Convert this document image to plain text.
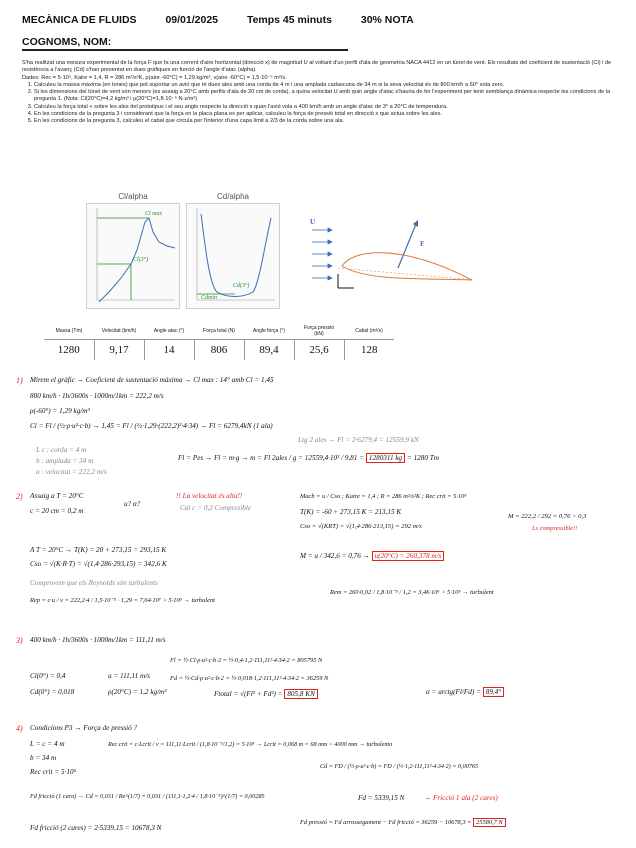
MECÀNICA DE FLUIDS	09/01/2025	Temps 45 minuts	30% NOTA
COGNOMS, NOM:

S'ha realitzat una mesura experimental de la força F que fa una corrent d'aire horitzontal (direcció x) de magnitud U al voltant d'un perfil d'ala de geometria NACA 4412 en un túnel de vent. Els resultats del coeficient de sustentació (Cl) i de resistència a l'avanç (Cd) s'han presentat en dues gràfiques en funció de l'angle d'atac (alpha).

Dades: Rec = 5·10⁵, Kaire = 1,4, R = 286 m²/s²K, ρ(aire -60°C) = 1,29 kg/m³, ν(aire -60°C) = 1,5·10⁻⁵ m²/s.

1. Calculeu la massa màxima (en tones) que pot suportar un avió que té dues ales amb una corda de 4 m i una amplada cadascuna de 34 m si la seva velocitat és de 800 km/h a 60° sota zero.
2. Si les dimensions del túnel de vent són menors (es assaig a 20°C amb perfils d'ala de 20 cm de corda), a quina velocitat U amb quin angle d'atac s'hauria de fer l'experiment per tenir semblança dinàmica respecte les condicions de la pregunta 1. (Nota: Cl(20°C)=4,2 kg/m³ i μ(20°C)=1,8·10⁻⁵ N·s/m²)
3. Calculeu la força total + sobre les ales del prototipus i el seu angle respecte la direcció x quan l'avió vola a 400 km/h amb un angle d'atac de 3° a 20°C de temperatura.
4. En les condicions de la pregunta 3 i considerant que la força en la placa plana es per aplicar, calculeu la força de pressió total en direcció x que actua sobre les ales.
5. En les condicions de la pregunta 3, calculeu el cabal que circula per l'interior d'una capa límit a 2/3 de la corda sobre una ala.
Cl/alpha
Cl max
Cl(3°)
Cd/alpha
Cd(3°)
Cdmin
U
F
Massa (Tm)	Velocitat (km/h)	Angle atac (°)	Força total (N)	Angle força (°)	Força pressió (kN)	Cabal (m³/s)
1280	9,17	14	806	89,4	25,6	128
1) Mirem el gràfic → Coeficient de sustentació màxima → Cl max : 14° amb Cl = 1,45
800 km/h · 1h/3600s · 1000m/1km = 222,2 m/s
ρ(-60°) = 1,29 kg/m³
Cl = Fl / (½·ρ·u²·c·b) → 1,45 = Fl / (½·1,29·(222,2)²·4·34) → Fl = 6279,4kN (1 ala)
Ltg 2 ales → Fl = 2·6279,4 = 12559,9 kN
L c : corda = 4 m
b : amplada = 34 m
u : velocitat = 222,2 m/s
Fl = Pes → Fl = m·g → m = Fl 2ales / g = 12559,4·10³ / 9,81 = 1280311 kg = 1280 Tm
2) Assaig a T = 20°C
u? α?
!! La velocitat és alta!!
Cal c = 0,2 Compresible
c = 20 cm = 0,2 m
Mach = u / Cso ; Kaire = 1,4 ; R = 286 m²/s²K ; Rec crit = 5·10⁵
T(K) = -60 + 273,15 K = 213,15 K
Cso = √(KRT) = √(1,4·286·213,15) = 292 m/s
M = 222,2 / 292 = 0,76 > 0,3
Ls compressible!!
A T = 20°C → T(K) = 20 + 273,15 = 293,15 K
Cso = √(K·R·T) = √(1,4·286·293,15) = 342,6 K
M = u / 342,6 = 0,76 → u(20°C) = 260,378 m/s
Comprovem que els Reynolds són turbulents
Rep = c·u / ν = 222,2·4 / 1,5·10⁻⁵ · 1,29 = 7,64·10⁷ > 5·10⁵ → turbulent
Rem = 260·0,02 / 1,8·10⁻⁵ / 1,2 = 3,46·10⁶ > 5·10⁵ → turbulent
3) 400 km/h · 1h/3600s · 1000m/1km = 111,11 m/s
Fl = ½·Cl·ρ·u²·c·b·2 = ½·0,4·1,2·111,11²·4·34·2 = 805795 N
Cl(0°) = 0,4	u = 111,11 m/s	Fd = ½·Cd·ρ·u²·c·b·2 = ½·0,018·1,2·111,11²·4·34·2 = 36259 N
Cd(0°) = 0,018	ρ(20°C) = 1,2 kg/m³	Ftotal = √(Fl² + Fd²) = 805,8 KN	α = arctg(Fl/Fd) = 89,4°
4) Condicions P3 → Força de pressió ?
L = c = 4 m
b = 34 m
Rec crit = 5·10⁵
Rec crit = c·Lcrit / ν = 111,11·Lcrit / (1,8·10⁻⁵/1,2) = 5·10⁵ → Lcrit = 0,068 m = 68 mm < 4000 mm → turbulento
Cd = FD / (½·ρ·u²·c·b) = FD / (½·1,2·111,11²·4·34·2) = 0,00765
Fd fricció (1 cara) → Cd = 0,031 / Re^(1/7) = 0,031 / (111,1·1,2·4 / 1,8·10⁻⁵)^(1/7) = 0,00285	Fd = 5339,15 N	→ Fricció 1 ala (2 cares)
Fd fricció (2 cares) = 2·5339,15 = 10678,3 N
Fd pressió = Fd arrossegament − Fd fricció = 36259 − 10678,3 = 25580,7 N
